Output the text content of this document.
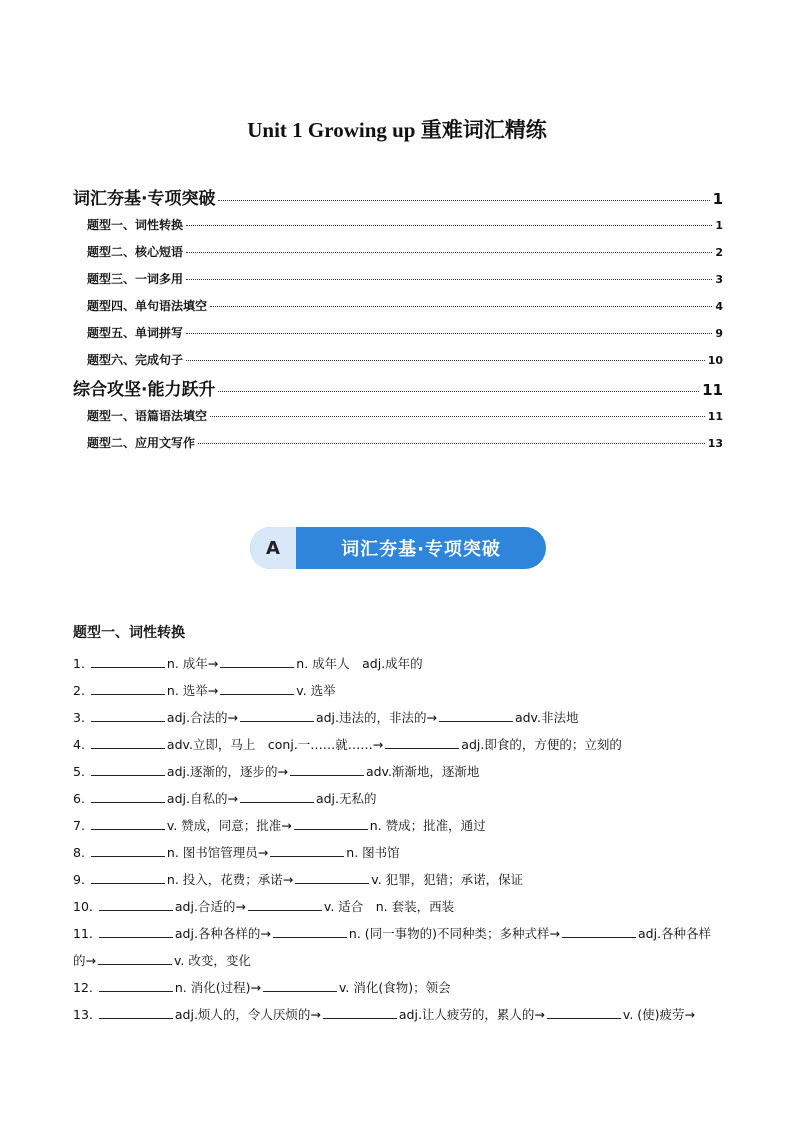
Unit 1 Growing up 重难词汇精练
词汇夯基·专项突破	1
题型一、词性转换	1
题型二、核心短语	2
题型三、一词多用	3
题型四、单句语法填空	4
题型五、单词拼写	9
题型六、完成句子	10
综合攻坚·能力跃升	11
题型一、语篇语法填空	11
题型二、应用文写作	13
A	词汇夯基·专项突破
题型一、词性转换
1.	n. 成年→	n. 成年人　adj.成年的
2.	n. 选举→	v. 选举
3.	adj.合法的→	adj.违法的，非法的→	adv.非法地
4.	adv.立即，马上　conj.一……就……→	adj.即食的，方便的；立刻的
5.	adj.逐渐的，逐步的→	adv.渐渐地，逐渐地
6.	adj.自私的→	adj.无私的
7.	v. 赞成，同意；批准→	n. 赞成；批准，通过
8.	n. 图书馆管理员→	n. 图书馆
9.	n. 投入，花费；承诺→	v. 犯罪，犯错；承诺，保证
10.	adj.合适的→	v. 适合　n. 套装，西装
11.	adj.各种各样的→	n. (同一事物的)不同种类；多种式样→	adj.各种各样的→	v. 改变，变化
12.	n. 消化(过程)→	v. 消化(食物)；领会
13.	adj.烦人的，令人厌烦的→	adj.让人疲劳的，累人的→	v. (使)疲劳→
